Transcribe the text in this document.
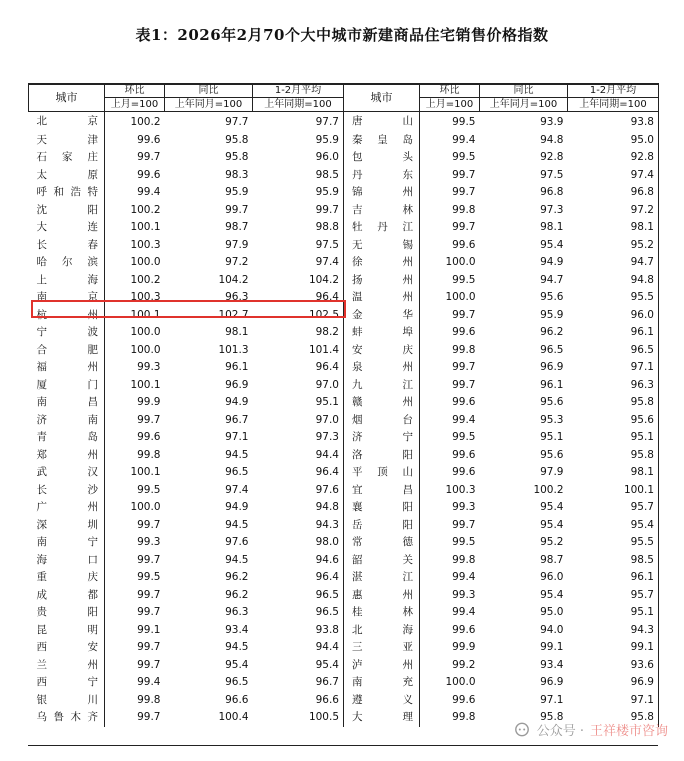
表1：2026年2月70个大中城市新建商品住宅销售价格指数
城市	环比	同比	1-2月平均	城市	环比	同比	1-2月平均
	上月=100	上年同月=100	上年同期=100		上月=100	上年同月=100	上年同期=100
北京	100.2	97.7	97.7	唐山	99.5	93.9	93.8
天津	99.6	95.8	95.9	秦皇岛	99.4	94.8	95.0
石家庄	99.7	95.8	96.0	包头	99.5	92.8	92.8
太原	99.6	98.3	98.5	丹东	99.7	97.5	97.4
呼和浩特	99.4	95.9	95.9	锦州	99.7	96.8	96.8
沈阳	100.2	99.7	99.7	吉林	99.8	97.3	97.2
大连	100.1	98.7	98.8	牡丹江	99.7	98.1	98.1
长春	100.3	97.9	97.5	无锡	99.6	95.4	95.2
哈尔滨	100.0	97.2	97.4	徐州	100.0	94.9	94.7
上海	100.2	104.2	104.2	扬州	99.5	94.7	94.8
南京	100.3	96.3	96.4	温州	100.0	95.6	95.5
杭州	100.1	102.7	102.5	金华	99.7	95.9	96.0
宁波	100.0	98.1	98.2	蚌埠	99.6	96.2	96.1
合肥	100.0	101.3	101.4	安庆	99.8	96.5	96.5
福州	99.3	96.1	96.4	泉州	99.7	96.9	97.1
厦门	100.1	96.9	97.0	九江	99.7	96.1	96.3
南昌	99.9	94.9	95.1	赣州	99.6	95.6	95.8
济南	99.7	96.7	97.0	烟台	99.4	95.3	95.6
青岛	99.6	97.1	97.3	济宁	99.5	95.1	95.1
郑州	99.8	94.5	94.4	洛阳	99.6	95.6	95.8
武汉	100.1	96.5	96.4	平顶山	99.6	97.9	98.1
长沙	99.5	97.4	97.6	宜昌	100.3	100.2	100.1
广州	100.0	94.9	94.8	襄阳	99.3	95.4	95.7
深圳	99.7	94.5	94.3	岳阳	99.7	95.4	95.4
南宁	99.3	97.6	98.0	常德	99.5	95.2	95.5
海口	99.7	94.5	94.6	韶关	99.8	98.7	98.5
重庆	99.5	96.2	96.4	湛江	99.4	96.0	96.1
成都	99.7	96.2	96.5	惠州	99.3	95.4	95.7
贵阳	99.7	96.3	96.5	桂林	99.4	95.0	95.1
昆明	99.1	93.4	93.8	北海	99.6	94.0	94.3
西安	99.7	94.5	94.4	三亚	99.9	99.1	99.1
兰州	99.7	95.4	95.4	泸州	99.2	93.4	93.6
西宁	99.4	96.5	96.7	南充	100.0	96.9	96.9
银川	99.8	96.6	96.6	遵义	99.6	97.1	97.1
乌鲁木齐	99.7	100.4	100.5	大理	99.8	95.8	95.8
公众号 · 王祥楼市咨询
